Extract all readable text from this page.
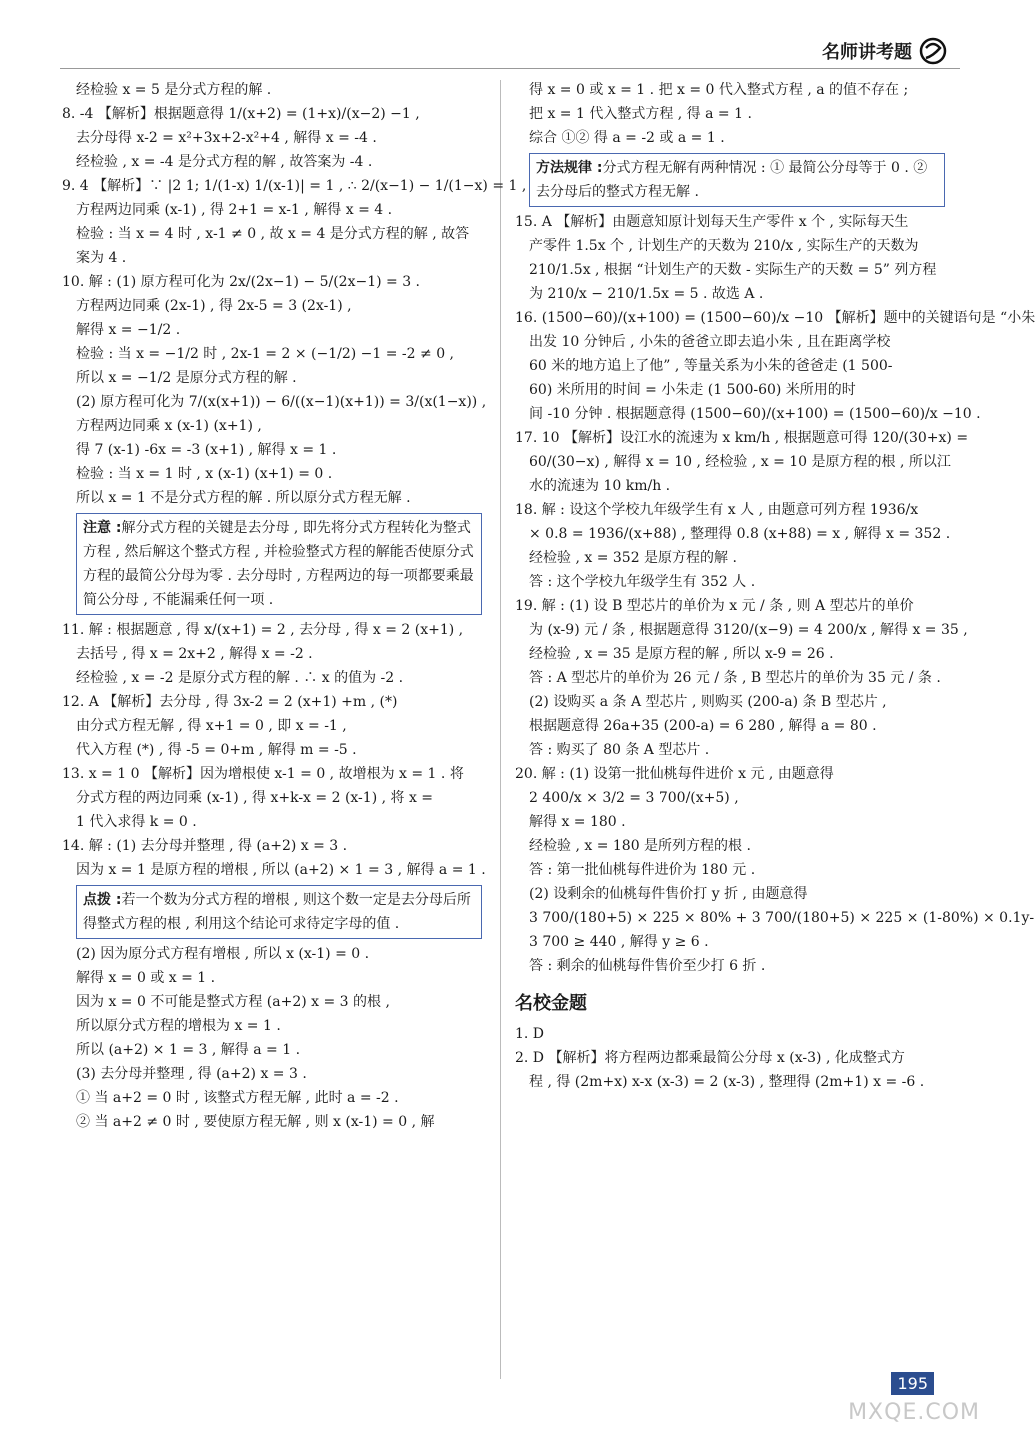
名师讲考题
经检验 x = 5 是分式方程的解 .
8. -4 【解析】根据题意得 1/(x+2) = (1+x)/(x−2) −1 ,
去分母得 x-2 = x²+3x+2-x²+4 , 解得 x = -4 .
经检验 , x = -4 是分式方程的解 , 故答案为 -4 .
9. 4 【解析】∵ |2 1; 1/(1-x) 1/(x-1)| = 1 , ∴ 2/(x−1) − 1/(1−x) = 1 ,
方程两边同乘 (x-1) , 得 2+1 = x-1 , 解得 x = 4 .
检验 : 当 x = 4 时 , x-1 ≠ 0 , 故 x = 4 是分式方程的解 , 故答
案为 4 .
10. 解 : (1) 原方程可化为 2x/(2x−1) − 5/(2x−1) = 3 .
方程两边同乘 (2x-1) , 得 2x-5 = 3 (2x-1) ,
解得 x = −1/2 .
检验 : 当 x = −1/2 时 , 2x-1 = 2 × (−1/2) −1 = -2 ≠ 0 ,
所以 x = −1/2 是原分式方程的解 .
(2) 原方程可化为 7/(x(x+1)) − 6/((x−1)(x+1)) = 3/(x(1−x)) ,
方程两边同乘 x (x-1) (x+1) ,
得 7 (x-1) -6x = -3 (x+1) , 解得 x = 1 .
检验 : 当 x = 1 时 , x (x-1) (x+1) = 0 .
所以 x = 1 不是分式方程的解 . 所以原分式方程无解 .
注意 :解分式方程的关键是去分母 , 即先将分式方程转化为整式方程 , 然后解这个整式方程 , 并检验整式方程的解能否使原分式方程的最简公分母为零 . 去分母时 , 方程两边的每一项都要乘最简公分母 , 不能漏乘任何一项 .
11. 解 : 根据题意 , 得 x/(x+1) = 2 , 去分母 , 得 x = 2 (x+1) ,
去括号 , 得 x = 2x+2 , 解得 x = -2 .
经检验 , x = -2 是原分式方程的解 . ∴ x 的值为 -2 .
12. A 【解析】去分母 , 得 3x-2 = 2 (x+1) +m , (*)
由分式方程无解 , 得 x+1 = 0 , 即 x = -1 ,
代入方程 (*) , 得 -5 = 0+m , 解得 m = -5 .
13. x = 1 0 【解析】因为增根使 x-1 = 0 , 故增根为 x = 1 . 将
分式方程的两边同乘 (x-1) , 得 x+k-x = 2 (x-1) , 将 x =
1 代入求得 k = 0 .
14. 解 : (1) 去分母并整理 , 得 (a+2) x = 3 .
因为 x = 1 是原方程的增根 , 所以 (a+2) × 1 = 3 , 解得 a = 1 .
点拨 :若一个数为分式方程的增根 , 则这个数一定是去分母后所得整式方程的根 , 利用这个结论可求待定字母的值 .
(2) 因为原分式方程有增根 , 所以 x (x-1) = 0 .
解得 x = 0 或 x = 1 .
因为 x = 0 不可能是整式方程 (a+2) x = 3 的根 ,
所以原分式方程的增根为 x = 1 .
所以 (a+2) × 1 = 3 , 解得 a = 1 .
(3) 去分母并整理 , 得 (a+2) x = 3 .
① 当 a+2 = 0 时 , 该整式方程无解 , 此时 a = -2 .
② 当 a+2 ≠ 0 时 , 要使原方程无解 , 则 x (x-1) = 0 , 解
得 x = 0 或 x = 1 . 把 x = 0 代入整式方程 , a 的值不存在 ;
把 x = 1 代入整式方程 , 得 a = 1 .
综合 ①② 得 a = -2 或 a = 1 .
方法规律 :分式方程无解有两种情况 : ① 最简公分母等于 0 . ② 去分母后的整式方程无解 .
15. A 【解析】由题意知原计划每天生产零件 x 个 , 实际每天生
产零件 1.5x 个 , 计划生产的天数为 210/x , 实际生产的天数为
210/1.5x , 根据 “计划生产的天数 - 实际生产的天数 = 5” 列方程
为 210/x − 210/1.5x = 5 . 故选 A .
16. (1500−60)/(x+100) = (1500−60)/x −10 【解析】题中的关键语句是 “小朱
出发 10 分钟后 , 小朱的爸爸立即去追小朱 , 且在距离学校
60 米的地方追上了他” , 等量关系为小朱的爸爸走 (1 500-
60) 米所用的时间 = 小朱走 (1 500-60) 米所用的时
间 -10 分钟 . 根据题意得 (1500−60)/(x+100) = (1500−60)/x −10 .
17. 10 【解析】设江水的流速为 x km/h , 根据题意可得 120/(30+x) =
60/(30−x) , 解得 x = 10 , 经检验 , x = 10 是原方程的根 , 所以江
水的流速为 10 km/h .
18. 解 : 设这个学校九年级学生有 x 人 , 由题意可列方程 1936/x
× 0.8 = 1936/(x+88) , 整理得 0.8 (x+88) = x , 解得 x = 352 .
经检验 , x = 352 是原方程的解 .
答 : 这个学校九年级学生有 352 人 .
19. 解 : (1) 设 B 型芯片的单价为 x 元 / 条 , 则 A 型芯片的单价
为 (x-9) 元 / 条 , 根据题意得 3120/(x−9) = 4 200/x , 解得 x = 35 ,
经检验 , x = 35 是原方程的解 , 所以 x-9 = 26 .
答 : A 型芯片的单价为 26 元 / 条 , B 型芯片的单价为 35 元 / 条 .
(2) 设购买 a 条 A 型芯片 , 则购买 (200-a) 条 B 型芯片 ,
根据题意得 26a+35 (200-a) = 6 280 , 解得 a = 80 .
答 : 购买了 80 条 A 型芯片 .
20. 解 : (1) 设第一批仙桃每件进价 x 元 , 由题意得
2 400/x × 3/2 = 3 700/(x+5) ,
解得 x = 180 .
经检验 , x = 180 是所列方程的根 .
答 : 第一批仙桃每件进价为 180 元 .
(2) 设剩余的仙桃每件售价打 y 折 , 由题意得
3 700/(180+5) × 225 × 80% + 3 700/(180+5) × 225 × (1-80%) × 0.1y-
3 700 ≥ 440 , 解得 y ≥ 6 .
答 : 剩余的仙桃每件售价至少打 6 折 .
名校金题
1. D
2. D 【解析】将方程两边都乘最简公分母 x (x-3) , 化成整式方
程 , 得 (2m+x) x-x (x-3) = 2 (x-3) , 整理得 (2m+1) x = -6 .
195
MXQE.COM
